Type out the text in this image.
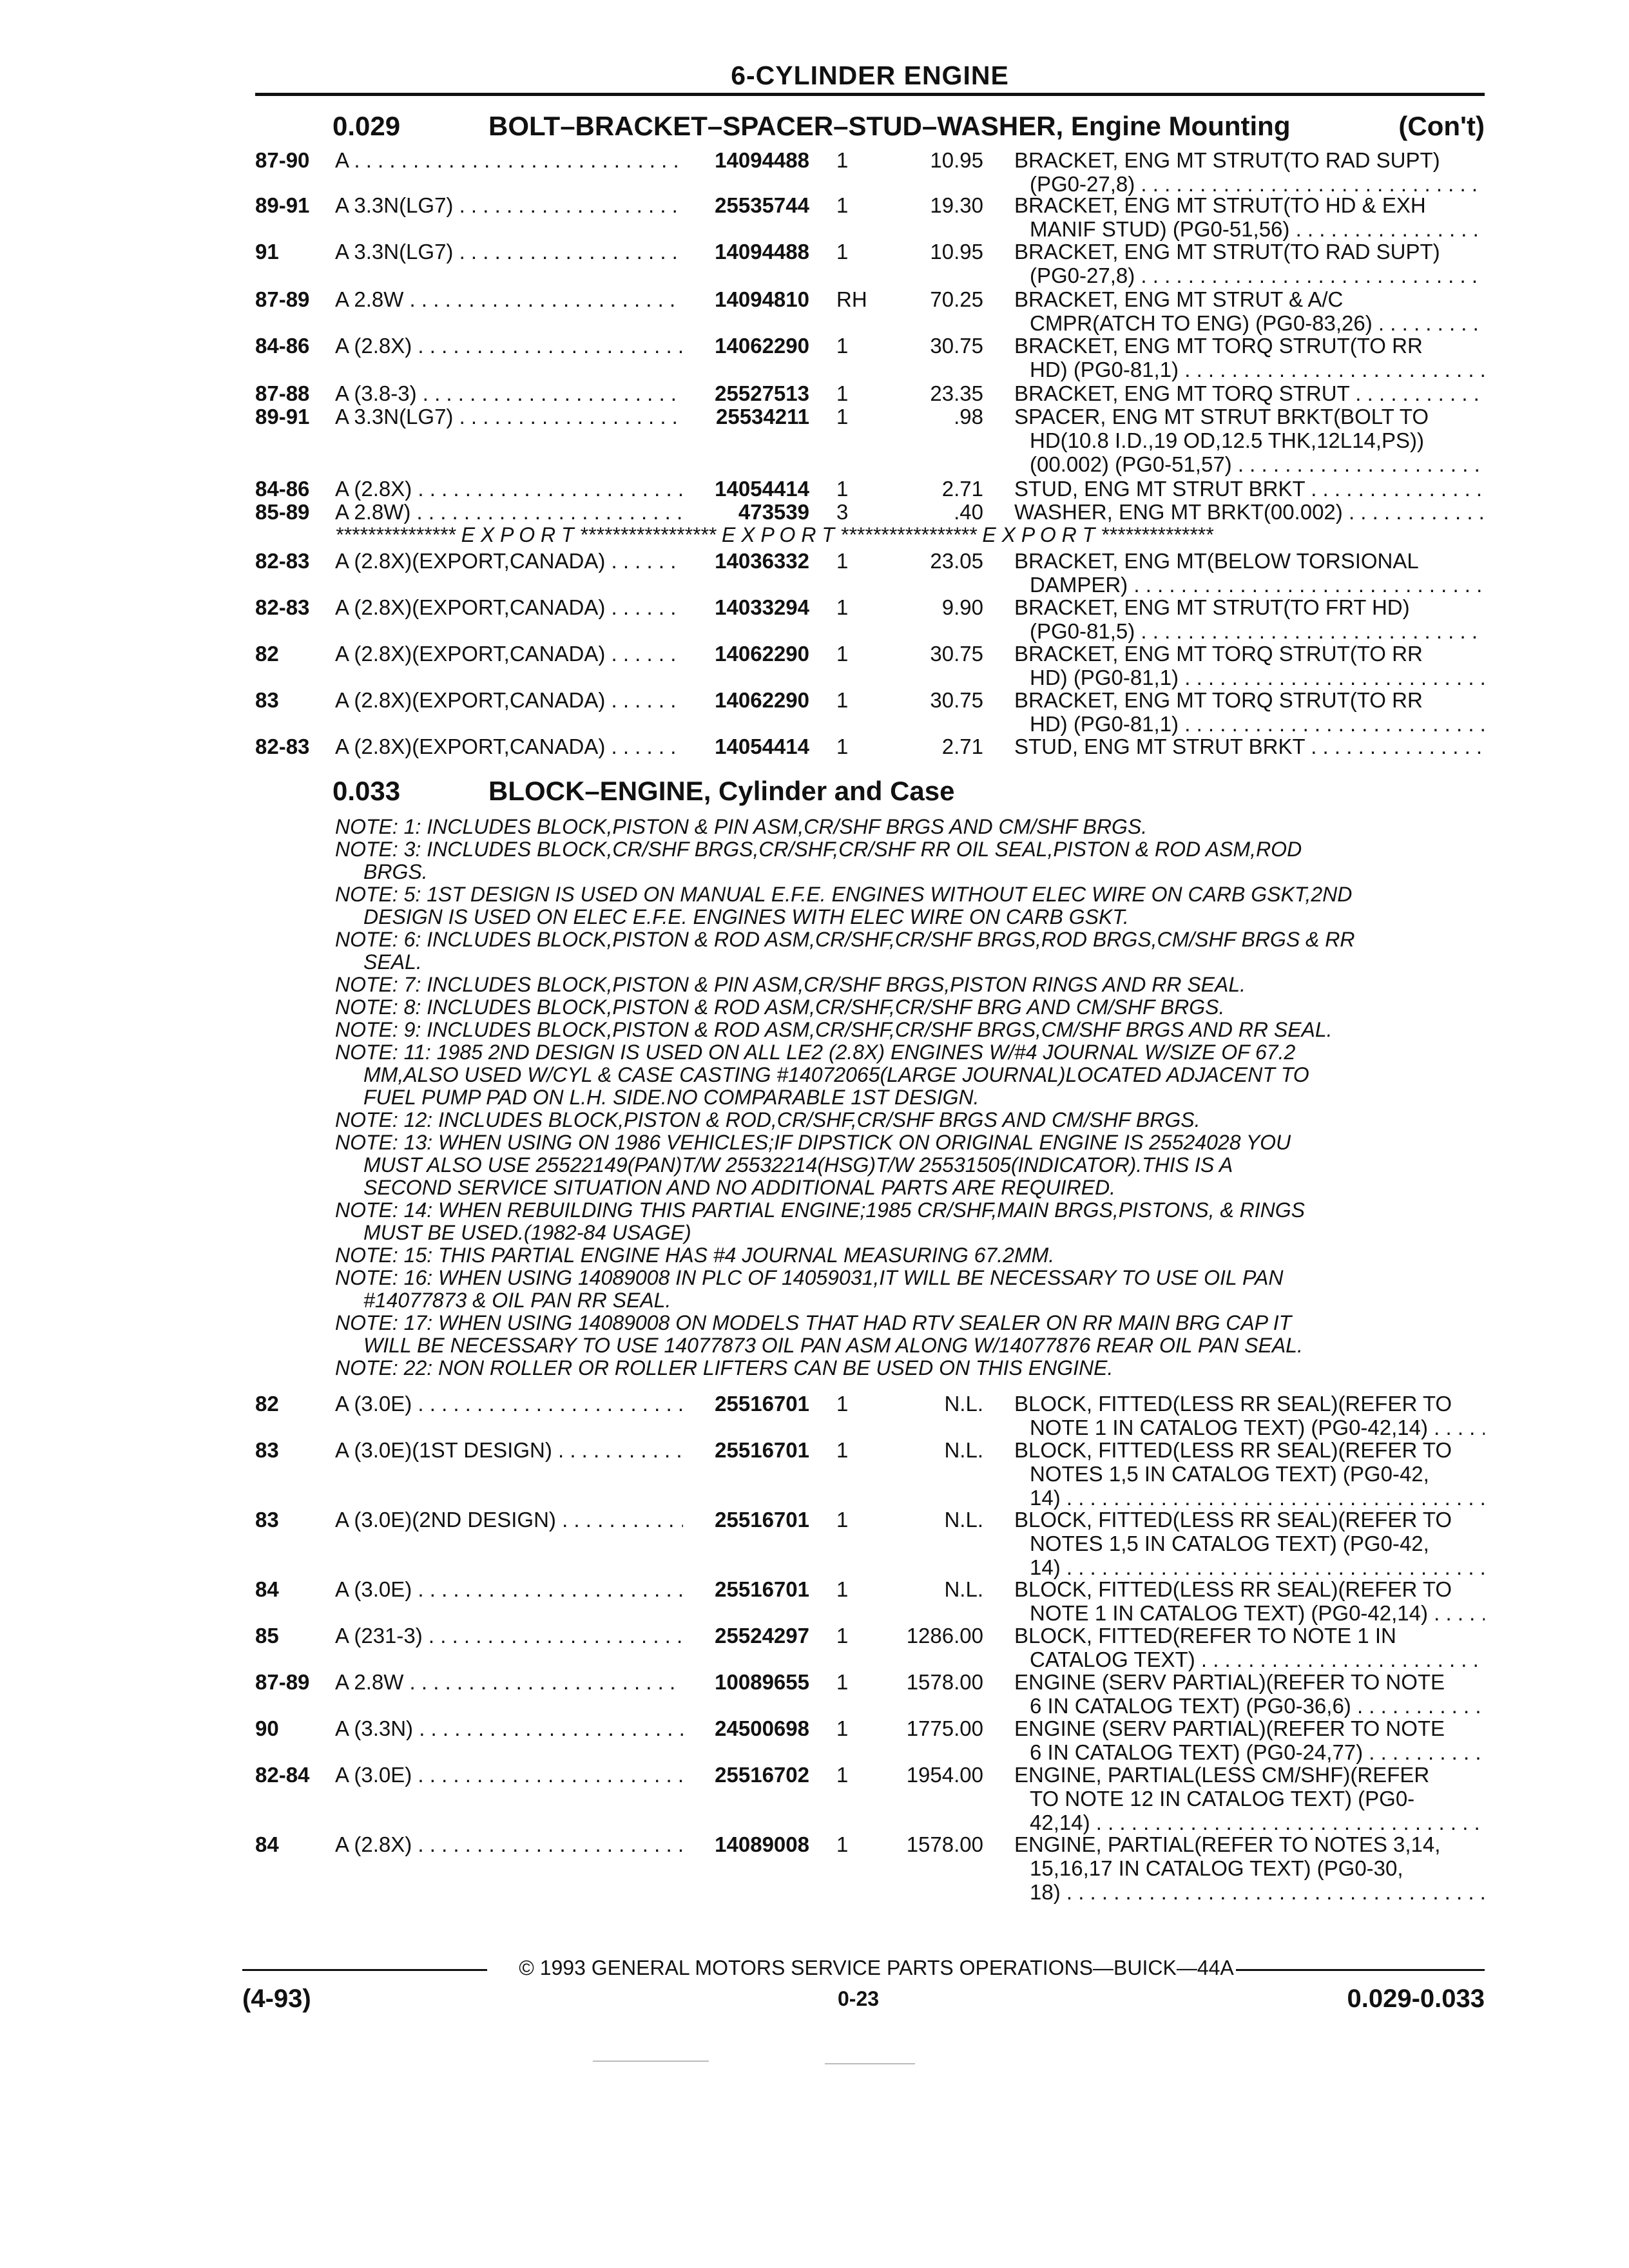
6-CYLINDER ENGINE
0.029	BOLT–BRACKET–SPACER–STUD–WASHER, Engine Mounting	(Con't)
87-90 A . . .	14094488 1	10.95 BRACKET, ENG MT STRUT(TO RAD SUPT)
(PG0-27,8) . . .
89-91 A 3.3N(LG7) . . .	25535744 1	19.30 BRACKET, ENG MT STRUT(TO HD & EXH
MANIF STUD) (PG0-51,56) . . .
91	A 3.3N(LG7) . . .	14094488 1	10.95 BRACKET, ENG MT STRUT(TO RAD SUPT)
(PG0-27,8) . . .
87-89 A 2.8W . . .	14094810 RH	70.25 BRACKET, ENG MT STRUT & A/C
CMPR(ATCH TO ENG) (PG0-83,26) . . .
84-86 A (2.8X) . . .	14062290 1	30.75 BRACKET, ENG MT TORQ STRUT(TO RR
HD) (PG0-81,1) . . .
87-88 A (3.8-3) . . .	25527513 1	23.35 BRACKET, ENG MT TORQ STRUT . . .
89-91 A 3.3N(LG7) . . .	25534211 1	.98 SPACER, ENG MT STRUT BRKT(BOLT TO
HD(10.8 I.D.,19 OD,12.5 THK,12L14,PS))
(00.002) (PG0-51,57) . . .
84-86 A (2.8X) . . .	14054414 1	2.71 STUD, ENG MT STRUT BRKT . . .
85-89 A 2.8W) . . .	473539 3	.40 WASHER, ENG MT BRKT(00.002) . . .
*************** E X P O R T ***************** E X P O R T ***************** E X P O R T **************
82-83 A (2.8X)(EXPORT,CANADA) . . .	14036332 1	23.05 BRACKET, ENG MT(BELOW TORSIONAL
DAMPER) . . .
82-83 A (2.8X)(EXPORT,CANADA) . . .	14033294 1	9.90 BRACKET, ENG MT STRUT(TO FRT HD)
(PG0-81,5) . . .
82	A (2.8X)(EXPORT,CANADA) . . .	14062290 1	30.75 BRACKET, ENG MT TORQ STRUT(TO RR
HD) (PG0-81,1) . . .
83	A (2.8X)(EXPORT,CANADA) . . .	14062290 1	30.75 BRACKET, ENG MT TORQ STRUT(TO RR
HD) (PG0-81,1) . . .
82-83 A (2.8X)(EXPORT,CANADA) . . .	14054414 1	2.71 STUD, ENG MT STRUT BRKT . . .
0.033	BLOCK–ENGINE, Cylinder and Case
NOTE: 1: INCLUDES BLOCK,PISTON & PIN ASM,CR/SHF BRGS AND CM/SHF BRGS.
NOTE: 3: INCLUDES BLOCK,CR/SHF BRGS,CR/SHF,CR/SHF RR OIL SEAL,PISTON & ROD ASM,ROD
BRGS.
NOTE: 5: 1ST DESIGN IS USED ON MANUAL E.F.E. ENGINES WITHOUT ELEC WIRE ON CARB GSKT,2ND
DESIGN IS USED ON ELEC E.F.E. ENGINES WITH ELEC WIRE ON CARB GSKT.
NOTE: 6: INCLUDES BLOCK,PISTON & ROD ASM,CR/SHF,CR/SHF BRGS,ROD BRGS,CM/SHF BRGS & RR
SEAL.
NOTE: 7: INCLUDES BLOCK,PISTON & PIN ASM,CR/SHF BRGS,PISTON RINGS AND RR SEAL.
NOTE: 8: INCLUDES BLOCK,PISTON & ROD ASM,CR/SHF,CR/SHF BRG AND CM/SHF BRGS.
NOTE: 9: INCLUDES BLOCK,PISTON & ROD ASM,CR/SHF,CR/SHF BRGS,CM/SHF BRGS AND RR SEAL.
NOTE: 11: 1985 2ND DESIGN IS USED ON ALL LE2 (2.8X) ENGINES W/#4 JOURNAL W/SIZE OF 67.2
MM,ALSO USED W/CYL & CASE CASTING #14072065(LARGE JOURNAL)LOCATED ADJACENT TO
FUEL PUMP PAD ON L.H. SIDE.NO COMPARABLE 1ST DESIGN.
NOTE: 12: INCLUDES BLOCK,PISTON & ROD,CR/SHF,CR/SHF BRGS AND CM/SHF BRGS.
NOTE: 13: WHEN USING ON 1986 VEHICLES;IF DIPSTICK ON ORIGINAL ENGINE IS 25524028 YOU
MUST ALSO USE 25522149(PAN)T/W 25532214(HSG)T/W 25531505(INDICATOR).THIS IS A
SECOND SERVICE SITUATION AND NO ADDITIONAL PARTS ARE REQUIRED.
NOTE: 14: WHEN REBUILDING THIS PARTIAL ENGINE;1985 CR/SHF,MAIN BRGS,PISTONS, & RINGS
MUST BE USED.(1982-84 USAGE)
NOTE: 15: THIS PARTIAL ENGINE HAS #4 JOURNAL MEASURING 67.2MM.
NOTE: 16: WHEN USING 14089008 IN PLC OF 14059031,IT WILL BE NECESSARY TO USE OIL PAN
#14077873 & OIL PAN RR SEAL.
NOTE: 17: WHEN USING 14089008 ON MODELS THAT HAD RTV SEALER ON RR MAIN BRG CAP IT
WILL BE NECESSARY TO USE 14077873 OIL PAN ASM ALONG W/14077876 REAR OIL PAN SEAL.
NOTE: 22: NON ROLLER OR ROLLER LIFTERS CAN BE USED ON THIS ENGINE.
82	A (3.0E) . . .	25516701 1	N.L. BLOCK, FITTED(LESS RR SEAL)(REFER TO
NOTE 1 IN CATALOG TEXT) (PG0-42,14) . . .
83	A (3.0E)(1ST DESIGN) . . .	25516701 1	N.L. BLOCK, FITTED(LESS RR SEAL)(REFER TO
NOTES 1,5 IN CATALOG TEXT) (PG0-42,
14) . . .
83	A (3.0E)(2ND DESIGN) . . .	25516701 1	N.L. BLOCK, FITTED(LESS RR SEAL)(REFER TO
NOTES 1,5 IN CATALOG TEXT) (PG0-42,
14) . . .
84	A (3.0E) . . .	25516701 1	N.L. BLOCK, FITTED(LESS RR SEAL)(REFER TO
NOTE 1 IN CATALOG TEXT) (PG0-42,14) . . .
85	A (231-3) . . .	25524297 1	1286.00 BLOCK, FITTED(REFER TO NOTE 1 IN
CATALOG TEXT) . . .
87-89 A 2.8W . . .	10089655 1	1578.00 ENGINE (SERV PARTIAL)(REFER TO NOTE
6 IN CATALOG TEXT) (PG0-36,6) . . .
90	A (3.3N) . . .	24500698 1	1775.00 ENGINE (SERV PARTIAL)(REFER TO NOTE
6 IN CATALOG TEXT) (PG0-24,77) . . .
82-84 A (3.0E) . . .	25516702 1	1954.00 ENGINE, PARTIAL(LESS CM/SHF)(REFER
TO NOTE 12 IN CATALOG TEXT) (PG0-
42,14) . . .
84	A (2.8X) . . .	14089008 1	1578.00 ENGINE, PARTIAL(REFER TO NOTES 3,14,
15,16,17 IN CATALOG TEXT) (PG0-30,
18) . . .
© 1993 GENERAL MOTORS SERVICE PARTS OPERATIONS—BUICK—44A
(4-93)	0-23	0.029-0.033
